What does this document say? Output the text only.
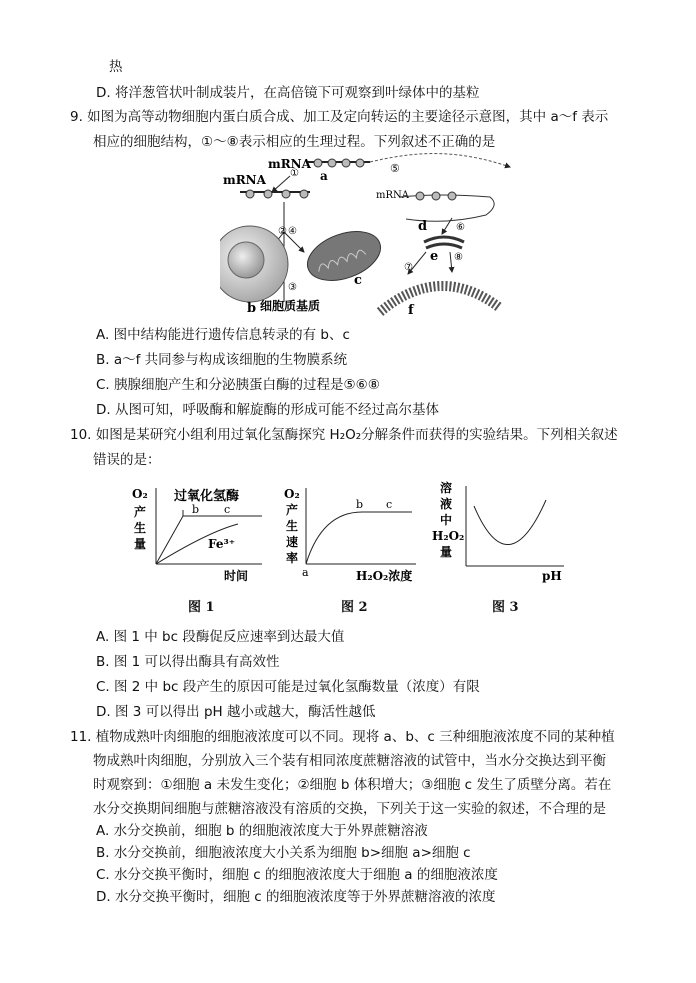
热
D. 将洋葱管状叶制成装片，在高倍镜下可观察到叶绿体中的基粒
9. 如图为高等动物细胞内蛋白质合成、加工及定向转运的主要途径示意图，其中 a～f 表示
相应的细胞结构，①～⑧表示相应的生理过程。下列叙述不正确的是
mRNA	⑤
① a
mRNA
② ④
③
b
c
细胞质基质
mRNA
d	⑥
e
⑦
⑧
f
A. 图中结构能进行遗传信息转录的有 b、c
B. a～f 共同参与构成该细胞的生物膜系统
C. 胰腺细胞产生和分泌胰蛋白酶的过程是⑤⑥⑧
D. 从图可知，呼吸酶和解旋酶的形成可能不经过高尔基体
10. 如图是某研究小组利用过氧化氢酶探究 H₂O₂分解条件而获得的实验结果。下列相关叙述
错误的是：
O₂
产
生
量
过氧化氢酶
b c
Fe³⁺
时间
图 1
O₂
产
生
速
率
a
b c
H₂O₂浓度
图 2
溶
液
中
H₂O₂
量
pH
图 3
A. 图 1 中 bc 段酶促反应速率到达最大值
B. 图 1 可以得出酶具有高效性
C. 图 2 中 bc 段产生的原因可能是过氧化氢酶数量（浓度）有限
D. 图 3 可以得出 pH 越小或越大，酶活性越低
11. 植物成熟叶肉细胞的细胞液浓度可以不同。现将 a、b、c 三种细胞液浓度不同的某种植
物成熟叶肉细胞，分别放入三个装有相同浓度蔗糖溶液的试管中，当水分交换达到平衡
时观察到：①细胞 a 未发生变化；②细胞 b 体积增大；③细胞 c 发生了质壁分离。若在
水分交换期间细胞与蔗糖溶液没有溶质的交换，下列关于这一实验的叙述，不合理的是
A. 水分交换前，细胞 b 的细胞液浓度大于外界蔗糖溶液
B. 水分交换前，细胞液浓度大小关系为细胞 b>细胞 a>细胞 c
C. 水分交换平衡时，细胞 c 的细胞液浓度大于细胞 a 的细胞液浓度
D. 水分交换平衡时，细胞 c 的细胞液浓度等于外界蔗糖溶液的浓度
